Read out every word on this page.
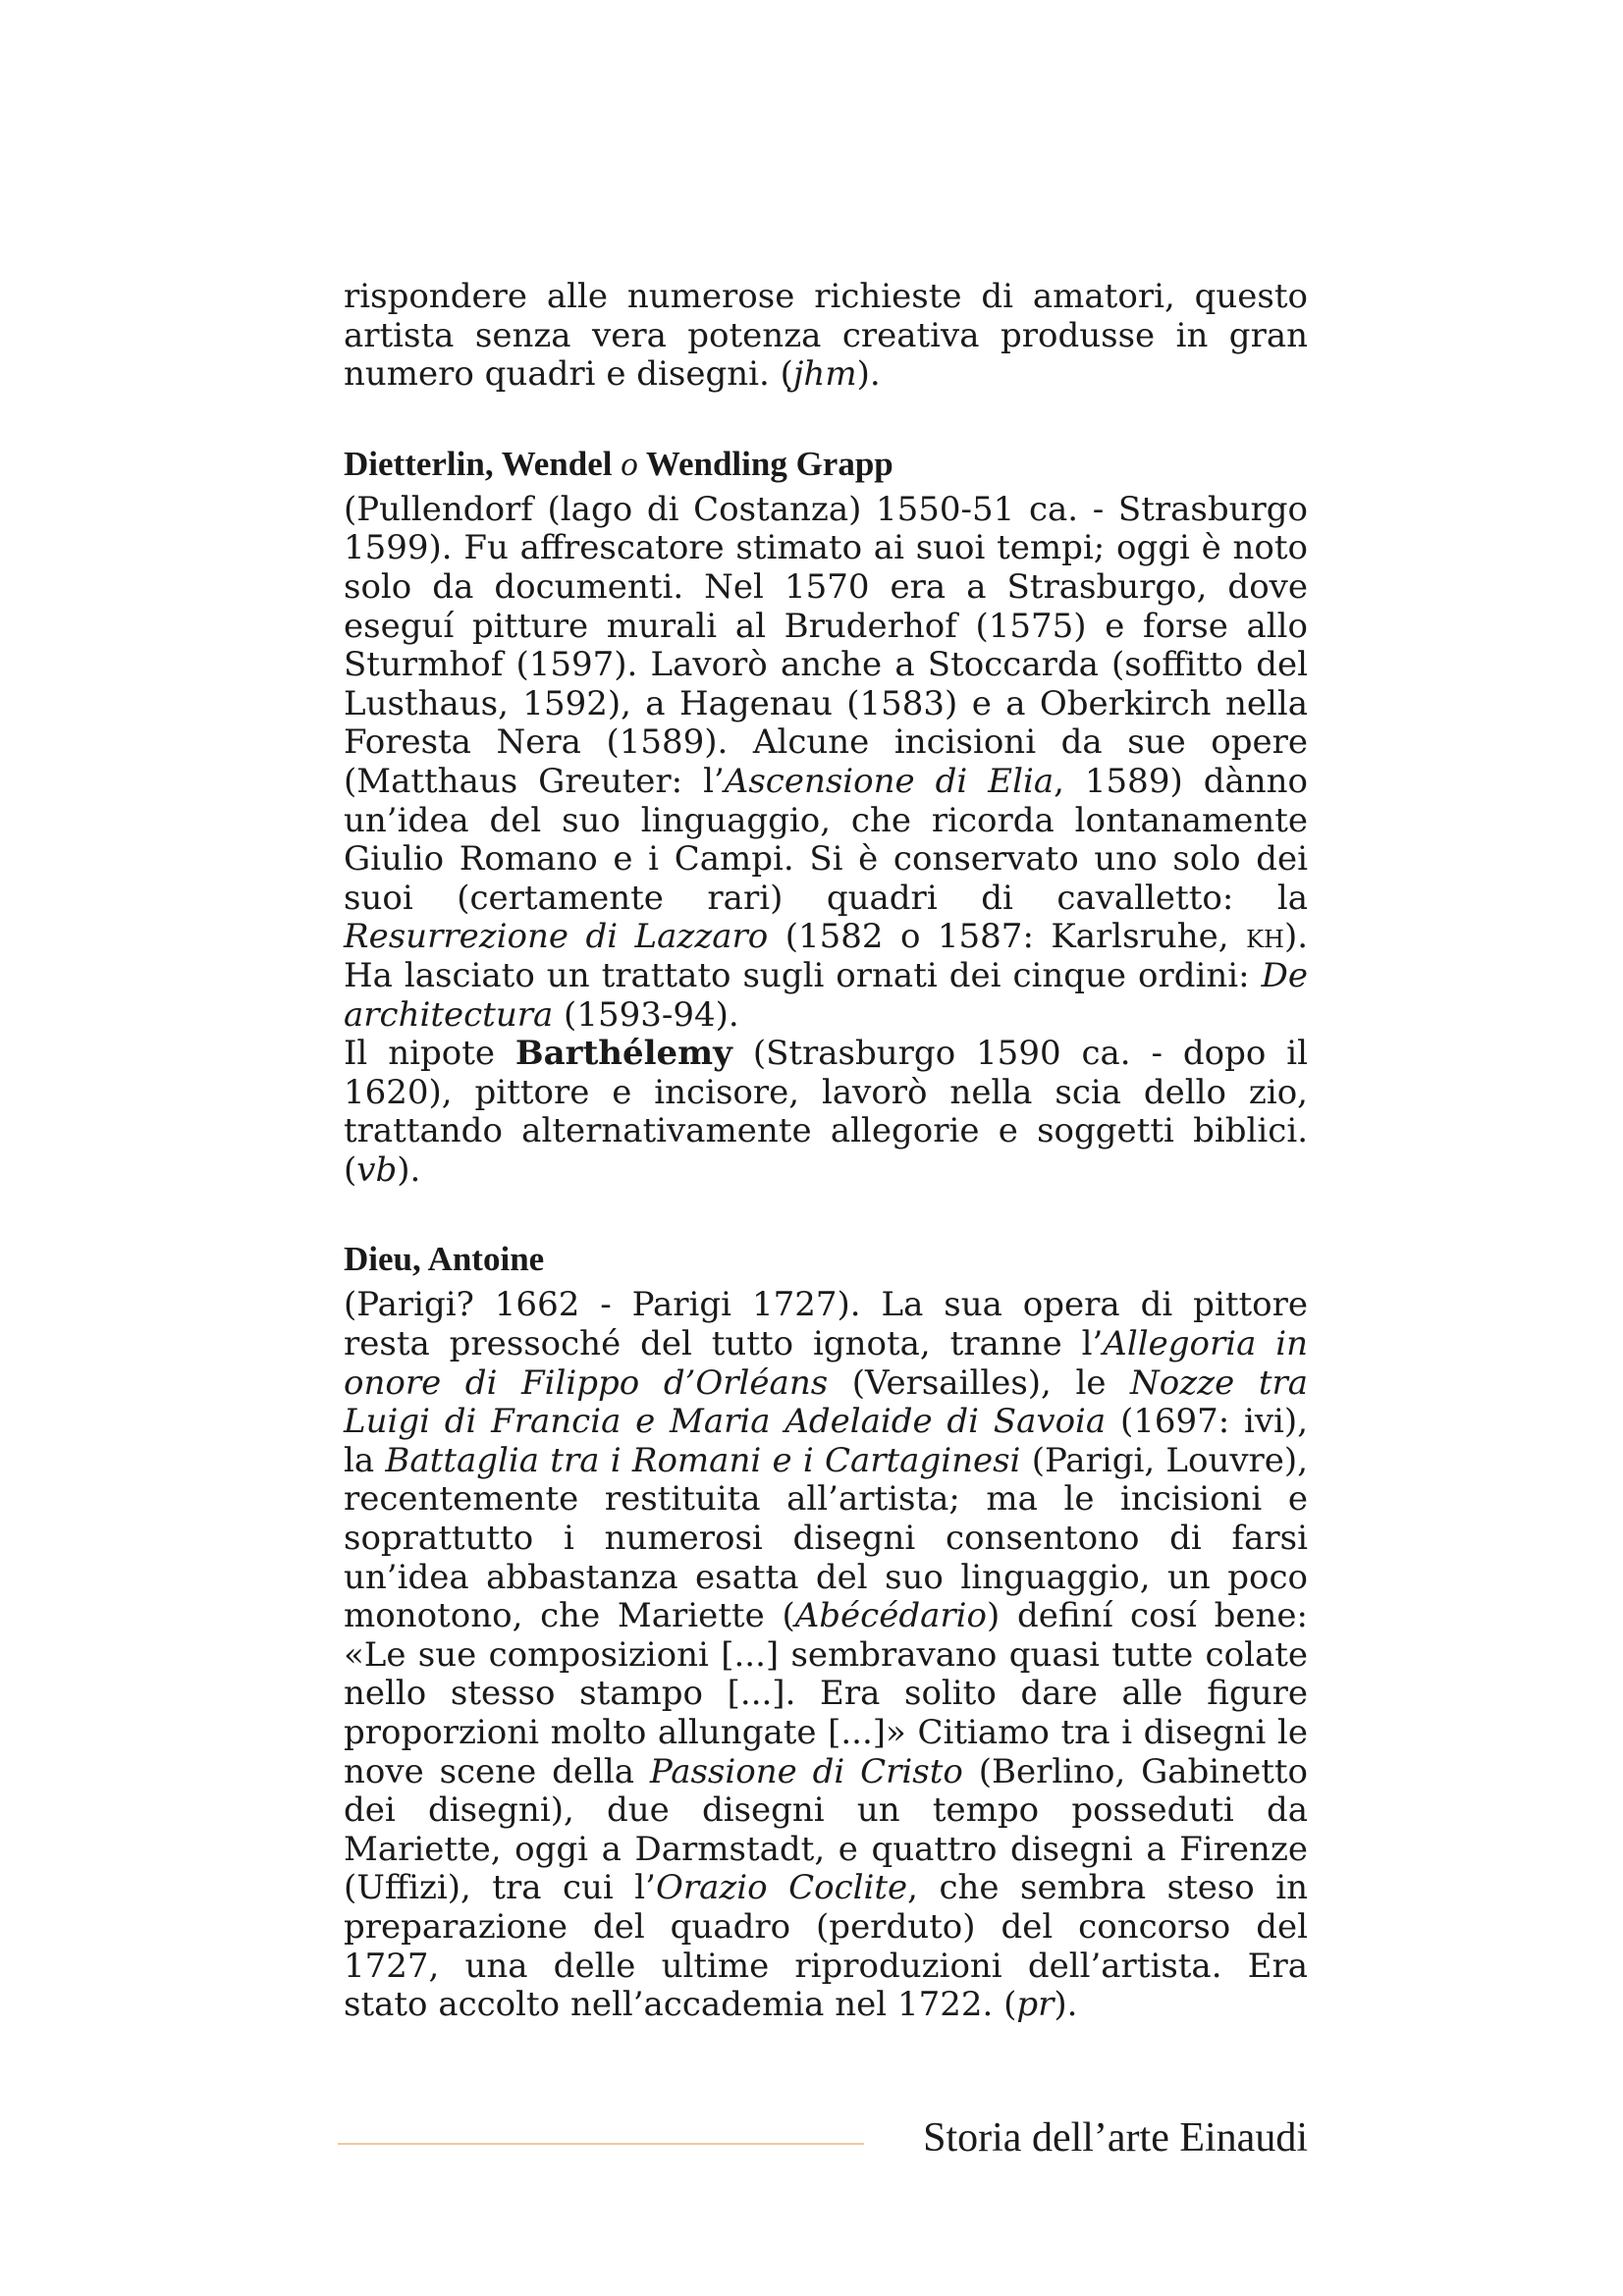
rispondere alle numerose richieste di amatori, questo artista senza vera potenza creativa produsse in gran numero quadri e disegni. (jhm).

Dietterlin, Wendel o Wendling Grapp

(Pullendorf (lago di Costanza) 1550-51 ca. - Strasburgo 1599). Fu affrescatore stimato ai suoi tempi; oggi è noto solo da documenti. Nel 1570 era a Strasburgo, dove eseguí pitture murali al Bruderhof (1575) e forse allo Sturmhof (1597). Lavorò anche a Stoccarda (soffitto del Lusthaus, 1592), a Hagenau (1583) e a Oberkirch nella Foresta Nera (1589). Alcune incisioni da sue opere (Matthaus Greuter: l’Ascensione di Elia, 1589) dànno un’idea del suo linguaggio, che ricorda lontanamente Giulio Romano e i Campi. Si è conservato uno solo dei suoi (certamente rari) quadri di cavalletto: la Resurrezione di Lazzaro (1582 o 1587: Karlsruhe, kh). Ha lasciato un trattato sugli ornati dei cinque ordini: De architectura (1593-94).

Il nipote Barthélemy (Strasburgo 1590 ca. - dopo il 1620), pittore e incisore, lavorò nella scia dello zio, trattando alternativamente allegorie e soggetti biblici. (vb).

Dieu, Antoine

(Parigi? 1662 - Parigi 1727). La sua opera di pittore resta pressoché del tutto ignota, tranne l’Allegoria in onore di Filippo d’Orléans (Versailles), le Nozze tra Luigi di Francia e Maria Adelaide di Savoia (1697: ivi), la Battaglia tra i Romani e i Cartaginesi (Parigi, Louvre), recentemente restituita all’artista; ma le incisioni e soprattutto i numerosi disegni consentono di farsi un’idea abbastanza esatta del suo linguaggio, un poco monotono, che Mariette (Abécédario) definí cosí bene: «Le sue composizioni [...] sembravano quasi tutte colate nello stesso stampo [...]. Era solito dare alle figure proporzioni molto allungate [...]» Citiamo tra i disegni le nove scene della Passione di Cristo (Berlino, Gabinetto dei disegni), due disegni un tempo posseduti da Mariette, oggi a Darmstadt, e quattro disegni a Firenze (Uffizi), tra cui l’Orazio Coclite, che sembra steso in preparazione del quadro (perduto) del concorso del 1727, una delle ultime riproduzioni dell’artista. Era stato accolto nell’accademia nel 1722. (pr).

Storia dell’arte Einaudi
